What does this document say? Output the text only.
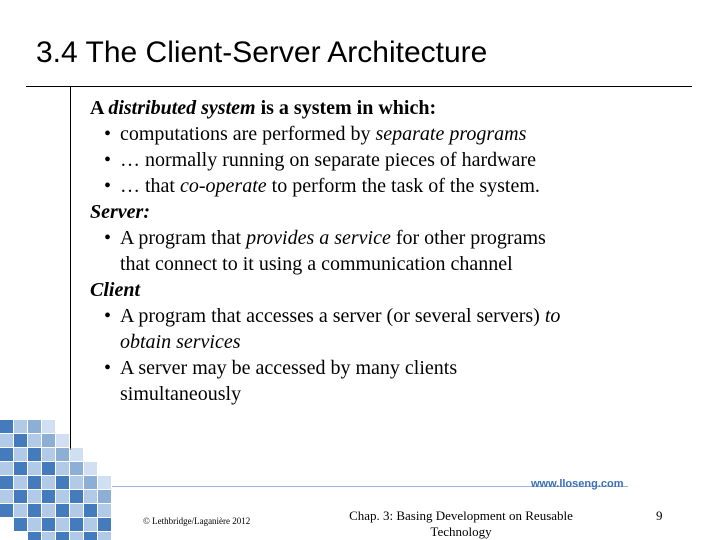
3.4 The Client-Server Architecture
A distributed system is a system in which:
• computations are performed by separate programs
• … normally running on separate pieces of hardware
• … that co-operate to perform the task of the system.
Server:
• A program that provides a service for other programs
that connect to it using a communication channel
Client
• A program that accesses a server (or several servers) to
obtain services
• A server may be accessed by many clients
simultaneously
www.lloseng.com
© Lethbridge/Laganière 2012	Chap. 3: Basing Development on Reusable
Technology
9
